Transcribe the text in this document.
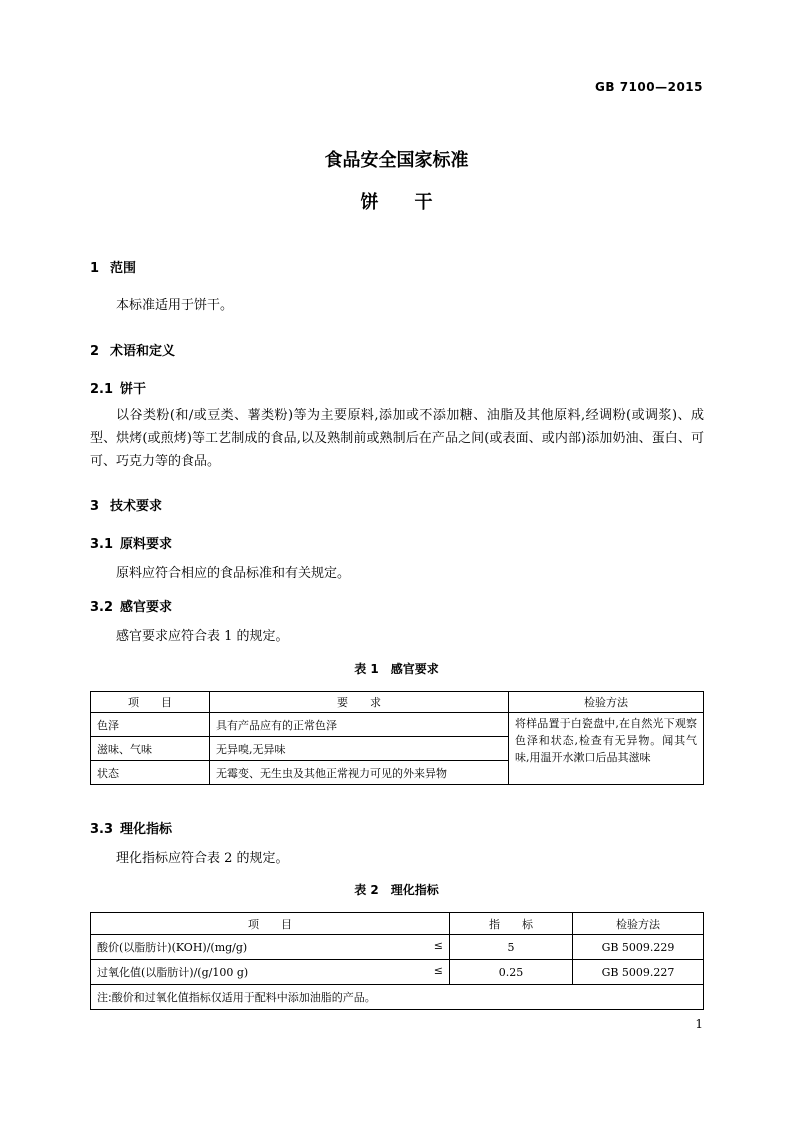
GB 7100—2015
食品安全国家标准
饼　　干
1 范围
本标准适用于饼干。
2 术语和定义
2.1 饼干
以谷类粉(和/或豆类、薯类粉)等为主要原料,添加或不添加糖、油脂及其他原料,经调粉(或调浆)、成型、烘烤(或煎烤)等工艺制成的食品,以及熟制前或熟制后在产品之间(或表面、或内部)添加奶油、蛋白、可可、巧克力等的食品。
3 技术要求
3.1 原料要求
原料应符合相应的食品标准和有关规定。
3.2 感官要求
感官要求应符合表 1 的规定。
表 1　感官要求
项　　目	要　　求	检验方法
色泽	具有产品应有的正常色泽	将样品置于白瓷盘中,在自然光下观察色泽和状态,检查有无异物。闻其气味,用温开水漱口后品其滋味
滋味、气味	无异嗅,无异味	
状态	无霉变、无生虫及其他正常视力可见的外来异物	
3.3 理化指标
理化指标应符合表 2 的规定。
表 2　理化指标
项　　目	指　　标	检验方法
酸价(以脂肪计)(KOH)/(mg/g) ≤	5	GB 5009.229
过氧化值(以脂肪计)/(g/100 g) ≤	0.25	GB 5009.227
注:酸价和过氧化值指标仅适用于配料中添加油脂的产品。		
1
